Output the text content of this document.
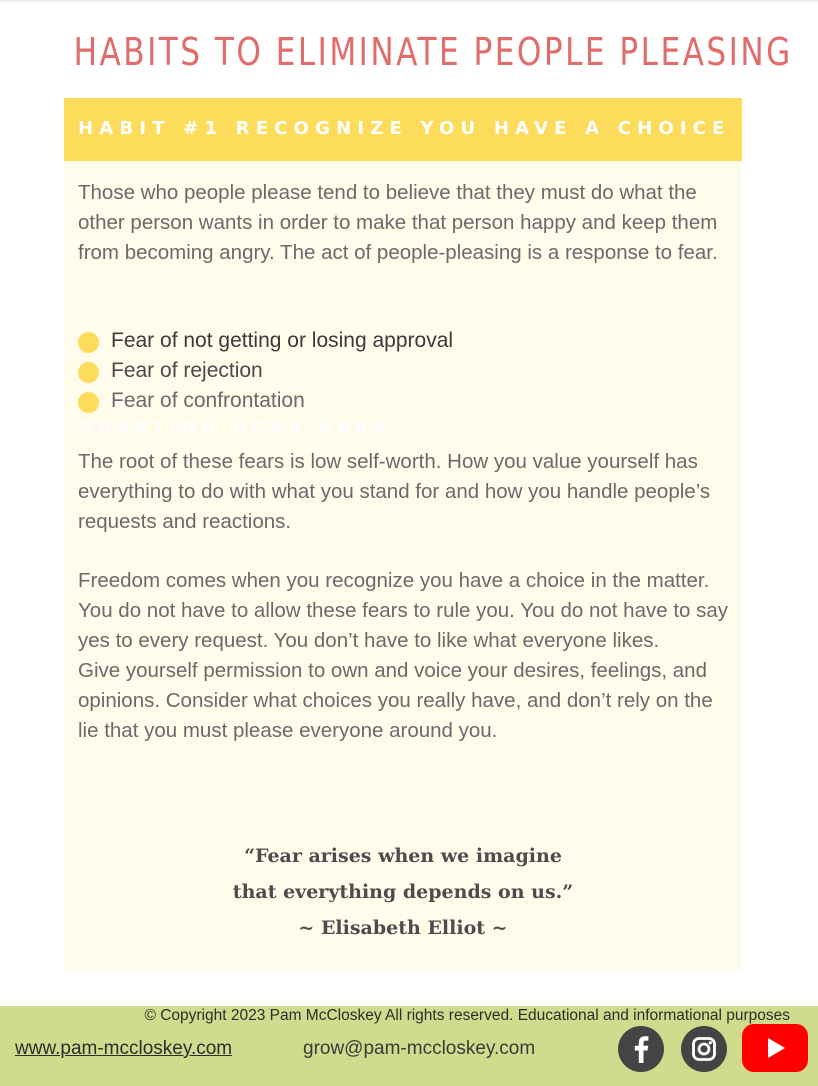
HABITS TO ELIMINATE PEOPLE PLEASING
HABIT #1 RECOGNIZE YOU HAVE A CHOICE

Those who people please tend to believe that they must do what the other person wants in order to make that person happy and keep them from becoming angry. The act of people-pleasing is a response to fear.

Fear of not getting or losing approval
Fear of rejection
Fear of confrontation
QUESTION GOES HERE

The root of these fears is low self-worth. How you value yourself has everything to do with what you stand for and how you handle people’s requests and reactions.

Freedom comes when you recognize you have a choice in the matter. You do not have to allow these fears to rule you. You do not have to say yes to every request. You don’t have to like what everyone likes.
Give yourself permission to own and voice your desires, feelings, and opinions. Consider what choices you really have, and don’t rely on the lie that you must please everyone around you.
“Fear arises when we imagine
that everything depends on us.”
~ Elisabeth Elliot ~
© Copyright 2023 Pam McCloskey All rights reserved. Educational and informational purposes
www.pam-mccloskey.com	grow@pam-mccloskey.com
